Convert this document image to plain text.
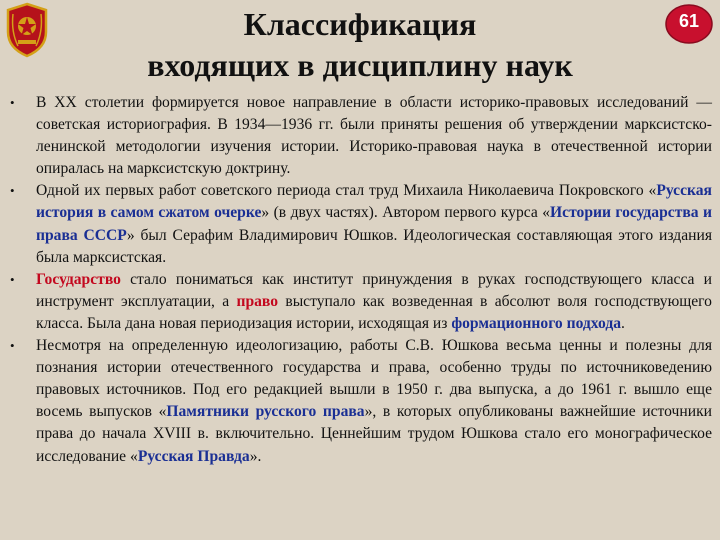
Классификация
входящих в дисциплину наук
61
•	В XX столетии формируется новое направление в области историко-правовых исследований — советская историография. В 1934—1936 гг. были приняты решения об утверждении марксистско-ленинской методологии изучения истории. Историко-правовая наука в отечественной истории опиралась на марксистскую доктрину.
•	Одной их первых работ советского периода стал труд Михаила Николаевича Покровского «Русская история в самом сжатом очерке» (в двух частях). Автором первого курса «Истории государства и права СССР» был Серафим Владимирович Юшков. Идеологическая составляющая этого издания была марксистская.
•	Государство стало пониматься как институт принуждения в руках господствующего класса и инструмент эксплуатации, а право выступало как возведенная в абсолют воля господствующего класса. Была дана новая периодизация истории, исходящая из формационного подхода.
•	Несмотря на определенную идеологизацию, работы С.В. Юшкова весьма ценны и полезны для познания истории отечественного государства и права, особенно труды по источниковедению правовых источников. Под его редакцией вышли в 1950 г. два выпуска, а до 1961 г. вышло еще восемь выпусков «Памятники русского права», в которых опубликованы важнейшие источники права до начала XVIII в. включительно. Ценнейшим трудом Юшкова стало его монографическое исследование «Русская Правда».
